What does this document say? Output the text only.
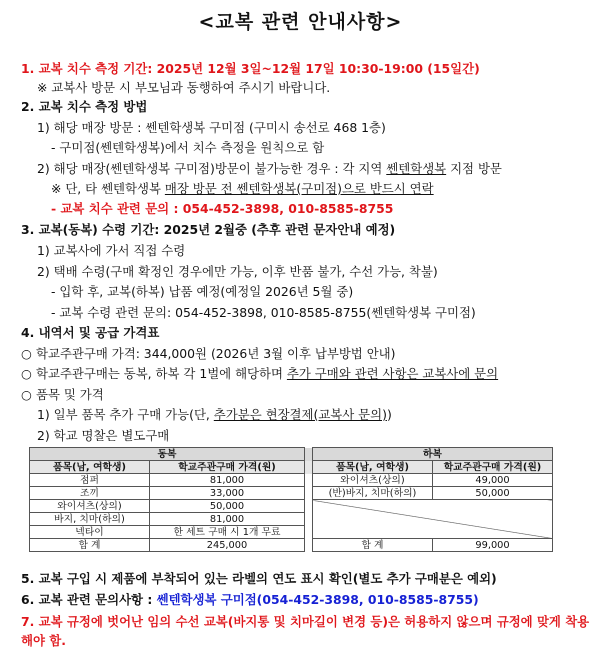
<교복 관련 안내사항>
1. 교복 치수 측정 기간: 2025년 12월 3일~12월 17일 10:30-19:00 (15일간)
※ 교복사 방문 시 부모님과 동행하여 주시기 바랍니다.
2. 교복 치수 측정 방법
1) 해당 매장 방문 : 쎈텐학생복 구미점 (구미시 송선로 468 1층)
- 구미점(쎈텐학생복)에서 치수 측정을 원칙으로 함
2) 해당 매장(쎈텐학생복 구미점)방문이 불가능한 경우 : 각 지역 쎈텐학생복 지점 방문
※ 단, 타 쎈텐학생복 매장 방문 전 쎈텐학생복(구미점)으로 반드시 연락
- 교복 치수 관련 문의 : 054-452-3898, 010-8585-8755
3. 교복(동복) 수령 기간: 2025년 2월중 (추후 관련 문자안내 예정)
1) 교복사에 가서 직접 수령
2) 택배 수령(구매 확정인 경우에만 가능, 이후 반품 불가, 수선 가능, 착불)
- 입학 후, 교복(하복) 납품 예정(예정일 2026년 5월 중)
- 교복 수령 관련 문의: 054-452-3898, 010-8585-8755(쎈텐학생복 구미점)
4. 내역서 및 공급 가격표
○ 학교주관구매 가격: 344,000원 (2026년 3월 이후 납부방법 안내)
○ 학교주관구매는 동복, 하복 각 1벌에 해당하며 추가 구매와 관련 사항은 교복사에 문의
○ 품목 및 가격
1) 일부 품목 추가 구매 가능(단, 추가분은 현장결제(교복사 문의))
2) 학교 명찰은 별도구매
동복			하복	
품목(남, 여학생)	학교주관구매 가격(원)		품목(남, 여학생)	학교주관구매 가격(원)
점퍼	81,000		와이셔츠(상의)	49,000
조끼	33,000		(반)바지, 치마(하의)	50,000
와이셔츠(상의)	50,000			
바지, 치마(하의)	81,000			
넥타이	한 세트 구매 시 1개 무료			
합 계	245,000		합 계	99,000
5. 교복 구입 시 제품에 부착되어 있는 라벨의 연도 표시 확인(별도 추가 구매분은 예외)
6. 교복 관련 문의사항 : 쎈텐학생복 구미점(054-452-3898, 010-8585-8755)
7. 교복 규정에 벗어난 임의 수선 교복(바지통 및 치마길이 변경 등)은 허용하지 않으며 규정에 맞게 착용해야 함.
